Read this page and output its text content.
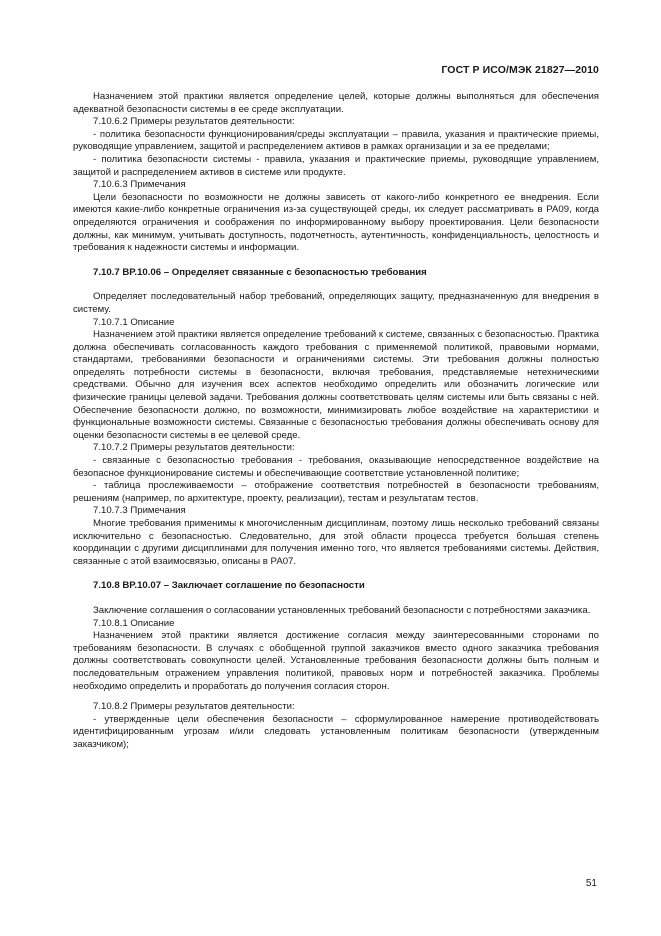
ГОСТ Р ИСО/МЭК 21827—2010

Назначением этой практики является определение целей, которые должны выполняться для обеспечения адекватной безопасности системы в ее среде эксплуатации.

7.10.6.2 Примеры результатов деятельности:

- политика безопасности функционирования/среды эксплуатации – правила, указания и практические приемы, руководящие управлением, защитой и распределением активов в рамках организации и за ее пределами;

- политика безопасности системы - правила, указания и практические приемы, руководящие управлением, защитой и распределением активов в системе или продукте.

7.10.6.3 Примечания

Цели безопасности по возможности не должны зависеть от какого-либо конкретного ее внедрения. Если имеются какие-либо конкретные ограничения из-за существующей среды, их следует рассматривать в РА09, когда определяются ограничения и соображения по информированному выбору проектирования. Цели безопасности должны, как минимум, учитывать доступность, подотчетность, аутентичность, конфиденциальность, целостность и требования к надежности системы и информации.

7.10.7 BP.10.06 – Определяет связанные с безопасностью требования

Определяет последовательный набор требований, определяющих защиту, предназначенную для внедрения в систему.

7.10.7.1 Описание

Назначением этой практики является определение требований к системе, связанных с безопасностью. Практика должна обеспечивать согласованность каждого требования с применяемой политикой, правовыми нормами, стандартами, требованиями безопасности и ограничениями системы. Эти требования должны полностью определять потребности системы в безопасности, включая требования, представляемые нетехническими средствами. Обычно для изучения всех аспектов необходимо определить или обозначить логические или физические границы целевой задачи. Требования должны соответствовать целям системы или быть связаны с ней. Обеспечение безопасности должно, по возможности, минимизировать любое воздействие на характеристики и функциональные возможности системы. Связанные с безопасностью требования должны обеспечивать основу для оценки безопасности системы в ее целевой среде.

7.10.7.2 Примеры результатов деятельности:

- связанные с безопасностью требования - требования, оказывающие непосредственное воздействие на безопасное функционирование системы и обеспечивающие соответствие установленной политике;

- таблица прослеживаемости – отображение соответствия потребностей в безопасности требованиям, решениям (например, по архитектуре, проекту, реализации), тестам и результатам тестов.

7.10.7.3 Примечания

Многие требования применимы к многочисленным дисциплинам, поэтому лишь несколько требований связаны исключительно с безопасностью. Следовательно, для этой области процесса требуется большая степень координации с другими дисциплинами для получения именно того, что является требованиями системы. Действия, связанные с этой взаимосвязью, описаны в РА07.

7.10.8 BP.10.07 – Заключает соглашение по безопасности

Заключение соглашения о согласовании установленных требований безопасности с потребностями заказчика.

7.10.8.1 Описание

Назначением этой практики является достижение согласия между заинтересованными сторонами по требованиям безопасности. В случаях с обобщенной группой заказчиков вместо одного заказчика требования должны соответствовать совокупности целей. Установленные требования безопасности должны быть полным и последовательным отражением управления политикой, правовых норм и потребностей заказчика. Проблемы необходимо определить и проработать до получения согласия сторон.

7.10.8.2 Примеры результатов деятельности:

- утвержденные цели обеспечения безопасности – сформулированное намерение противодействовать идентифицированным угрозам и/или следовать установленным политикам безопасности (утвержденным заказчиком);

51
